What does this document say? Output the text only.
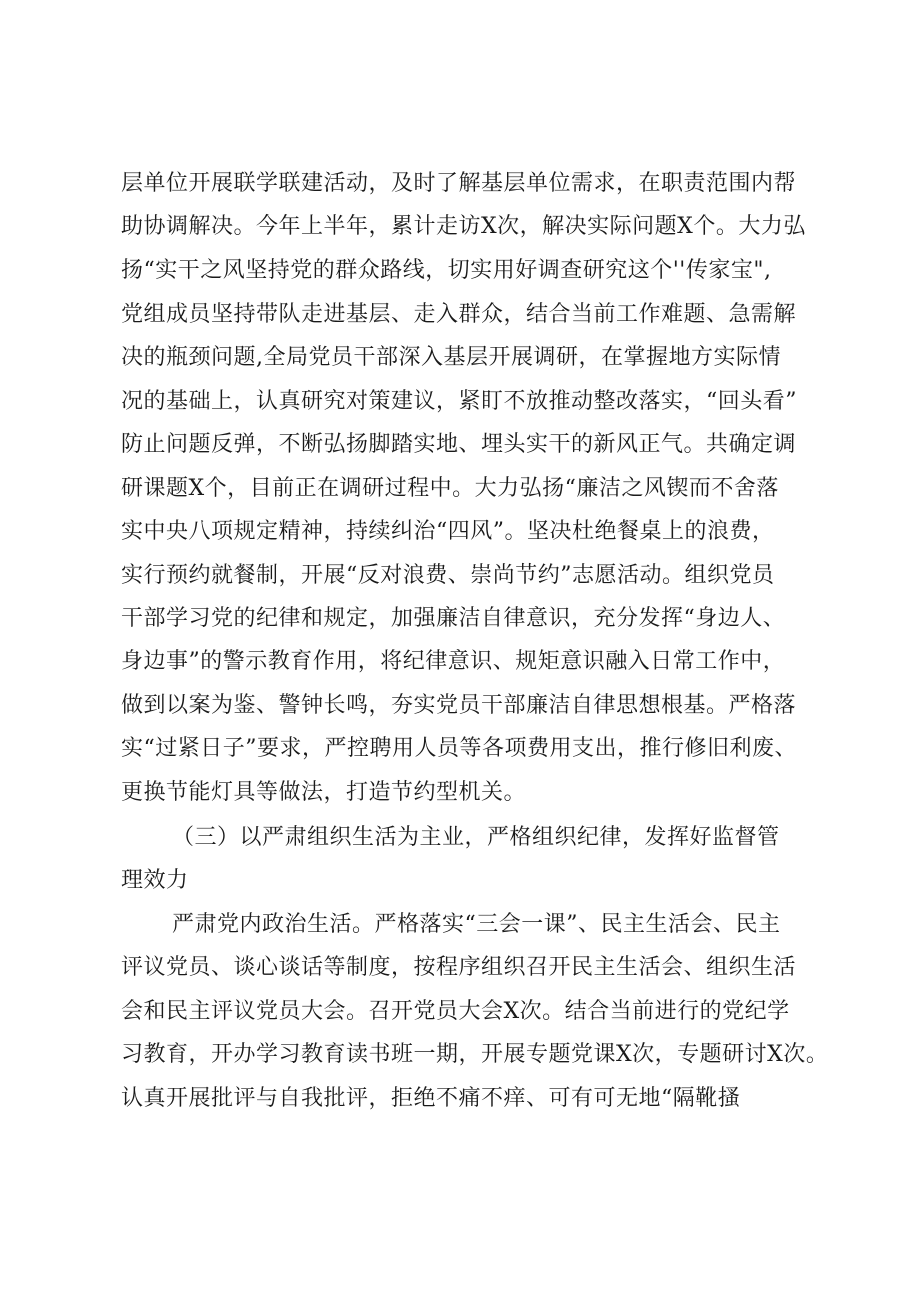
层单位开展联学联建活动，及时了解基层单位需求，在职责范围内帮
助协调解决。今年上半年，累计走访X次，解决实际问题X个。大力弘
扬“实干之风坚持党的群众路线，切实用好调查研究这个''传家宝",
党组成员坚持带队走进基层、走入群众，结合当前工作难题、急需解
决的瓶颈问题,全局党员干部深入基层开展调研，在掌握地方实际情
况的基础上，认真研究对策建议，紧盯不放推动整改落实，“回头看”
防止问题反弹，不断弘扬脚踏实地、埋头实干的新风正气。共确定调
研课题X个，目前正在调研过程中。大力弘扬“廉洁之风锲而不舍落
实中央八项规定精神，持续纠治“四风”。坚决杜绝餐桌上的浪费，
实行预约就餐制，开展“反对浪费、崇尚节约”志愿活动。组织党员
干部学习党的纪律和规定，加强廉洁自律意识，充分发挥“身边人、
身边事”的警示教育作用，将纪律意识、规矩意识融入日常工作中，
做到以案为鉴、警钟长鸣，夯实党员干部廉洁自律思想根基。严格落
实“过紧日子”要求，严控聘用人员等各项费用支出，推行修旧利废、
更换节能灯具等做法，打造节约型机关。
（三）以严肃组织生活为主业，严格组织纪律，发挥好监督管
理效力
严肃党内政治生活。严格落实“三会一课”、民主生活会、民主
评议党员、谈心谈话等制度，按程序组织召开民主生活会、组织生活
会和民主评议党员大会。召开党员大会X次。结合当前进行的党纪学
习教育，开办学习教育读书班一期，开展专题党课X次，专题研讨X次。
认真开展批评与自我批评，拒绝不痛不痒、可有可无地“隔靴搔
